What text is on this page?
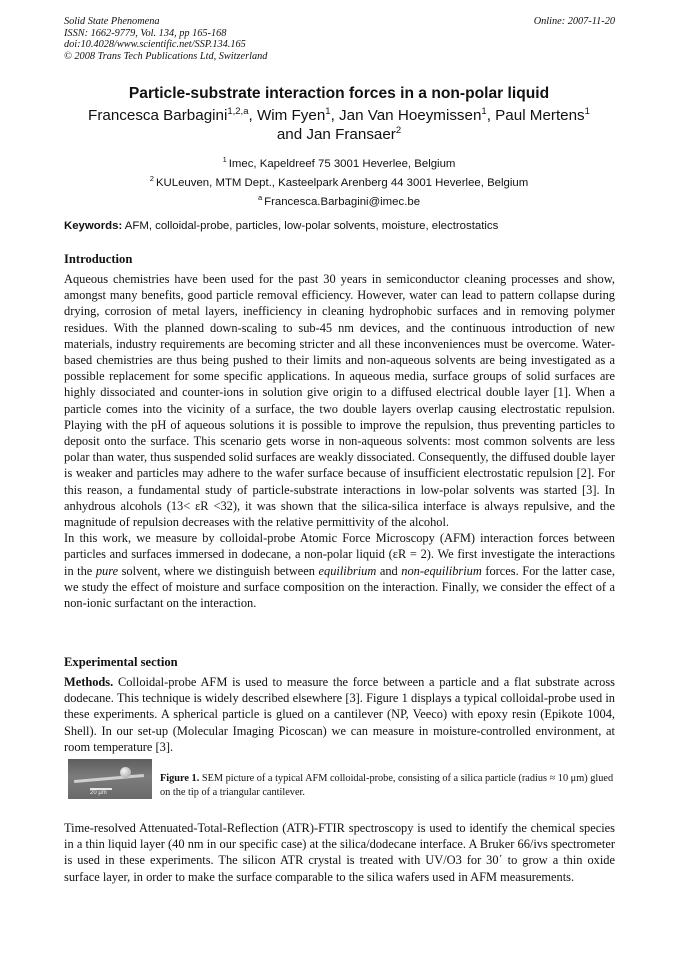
Solid State Phenomena
ISSN: 1662-9779, Vol. 134, pp 165-168
doi:10.4028/www.scientific.net/SSP.134.165
© 2008 Trans Tech Publications Ltd, Switzerland
Online: 2007-11-20
Particle-substrate interaction forces in a non-polar liquid
Francesca Barbagini$^{1,2,a}$, Wim Fyen$^1$, Jan Van Hoeymissen$^1$, Paul Mertens$^1$
and Jan Fransaer$^2$
$^1$ Imec, Kapeldreef 75 3001 Heverlee, Belgium
$^2$ KULeuven, MTM Dept., Kasteelpark Arenberg 44 3001 Heverlee, Belgium
$^a$ Francesca.Barbagini@imec.be
Keywords: AFM, colloidal-probe, particles, low-polar solvents, moisture, electrostatics
Introduction

Aqueous chemistries have been used for the past 30 years in semiconductor cleaning processes and show, amongst many benefits, good particle removal efficiency. However, water can lead to pattern collapse during drying, corrosion of metal layers, inefficiency in cleaning hydrophobic surfaces and in removing polymer residues. With the planned down-scaling to sub-45 nm devices, and the continuous introduction of new materials, industry requirements are becoming stricter and all these inconveniences must be overcome. Water-based chemistries are thus being pushed to their limits and non-aqueous solvents are being investigated as a possible replacement for some specific applications. In aqueous media, surface groups of solid surfaces are highly dissociated and counter-ions in solution give origin to a diffused electrical double layer [1]. When a particle comes into the vicinity of a surface, the two double layers overlap causing electrostatic repulsion. Playing with the pH of aqueous solutions it is possible to improve the repulsion, thus preventing particles to deposit onto the surface. This scenario gets worse in non-aqueous solvents: most common solvents are less polar than water, thus suspended solid surfaces are weakly dissociated. Consequently, the diffused double layer is weaker and particles may adhere to the wafer surface because of insufficient electrostatic repulsion [2]. For this reason, a fundamental study of particle-substrate interactions in low-polar solvents was started [3]. In anhydrous alcohols (13< εR <32), it was shown that the silica-silica interface is always repulsive, and the magnitude of repulsion decreases with the relative permittivity of the alcohol.

In this work, we measure by colloidal-probe Atomic Force Microscopy (AFM) interaction forces between particles and surfaces immersed in dodecane, a non-polar liquid (εR = 2). We first investigate the interactions in the pure solvent, where we distinguish between equilibrium and non-equilibrium forces. For the latter case, we study the effect of moisture and surface composition on the interaction. Finally, we consider the effect of a non-ionic surfactant on the interaction.

Experimental section

Methods. Colloidal-probe AFM is used to measure the force between a particle and a flat substrate across dodecane. This technique is widely described elsewhere [3]. Figure 1 displays a typical colloidal-probe used in these experiments. A spherical particle is glued on a cantilever (NP, Veeco) with epoxy resin (Epikote 1004, Shell). In our set-up (Molecular Imaging Picoscan) we can measure in moisture-controlled environment, at room temperature [3].

20 μm
Figure 1. SEM picture of a typical AFM colloidal-probe, consisting of a silica particle (radius ≈ 10 μm) glued on the tip of a triangular cantilever.

Time-resolved Attenuated-Total-Reflection (ATR)-FTIR spectroscopy is used to identify the chemical species in a thin liquid layer (40 nm in our specific case) at the silica/dodecane interface. A Bruker 66/ivs spectrometer is used in these experiments. The silicon ATR crystal is treated with UV/O3 for 30΄ to grow a thin oxide surface layer, in order to make the surface comparable to the silica wafers used in AFM measurements.
